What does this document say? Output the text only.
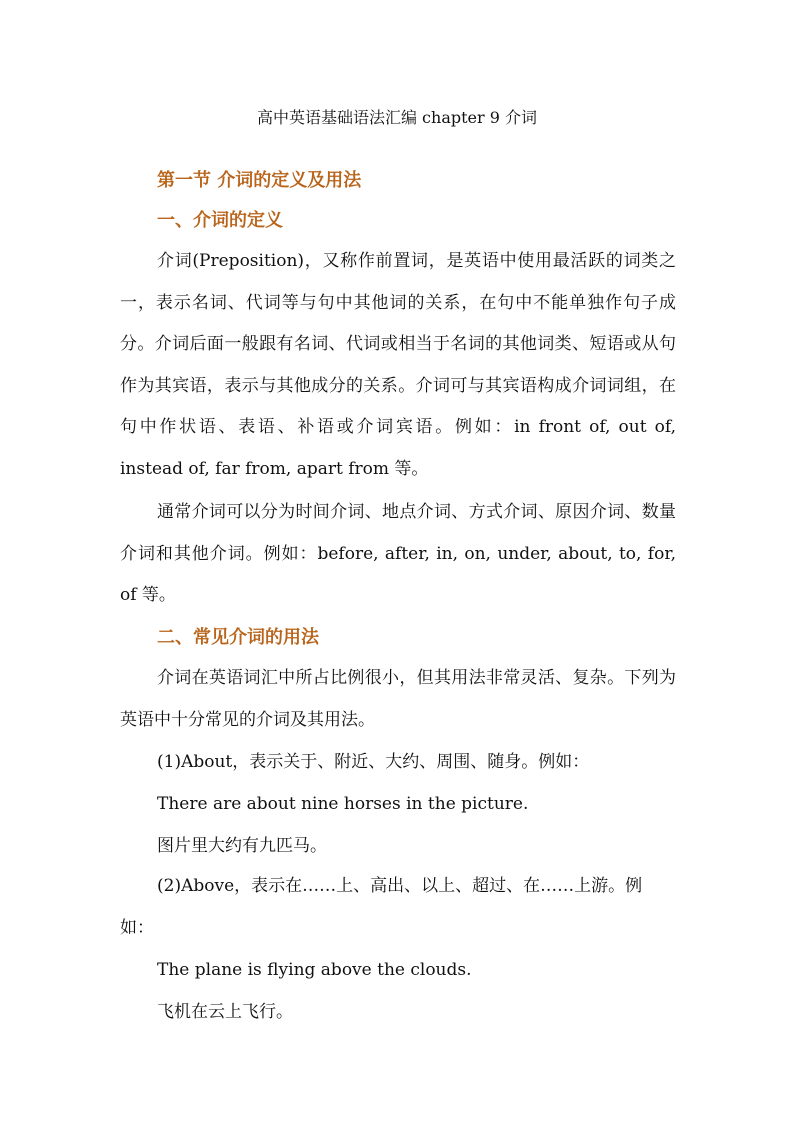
高中英语基础语法汇编 chapter 9 介词
第一节 介词的定义及用法
一、介词的定义
介词(Preposition)，又称作前置词，是英语中使用最活跃的词类之一，表示名词、代词等与句中其他词的关系，在句中不能单独作句子成分。介词后面一般跟有名词、代词或相当于名词的其他词类、短语或从句作为其宾语，表示与其他成分的关系。介词可与其宾语构成介词词组，在句中作状语、表语、补语或介词宾语。例如：in front of, out of, instead of, far from, apart from 等。
通常介词可以分为时间介词、地点介词、方式介词、原因介词、数量介词和其他介词。例如：before, after, in, on, under, about, to, for, of 等。
二、常见介词的用法
介词在英语词汇中所占比例很小，但其用法非常灵活、复杂。下列为英语中十分常见的介词及其用法。
(1)About，表示关于、附近、大约、周围、随身。例如：
There are about nine horses in the picture.
图片里大约有九匹马。
(2)Above，表示在……上、高出、以上、超过、在……上游。例如：
The plane is flying above the clouds.
飞机在云上飞行。
